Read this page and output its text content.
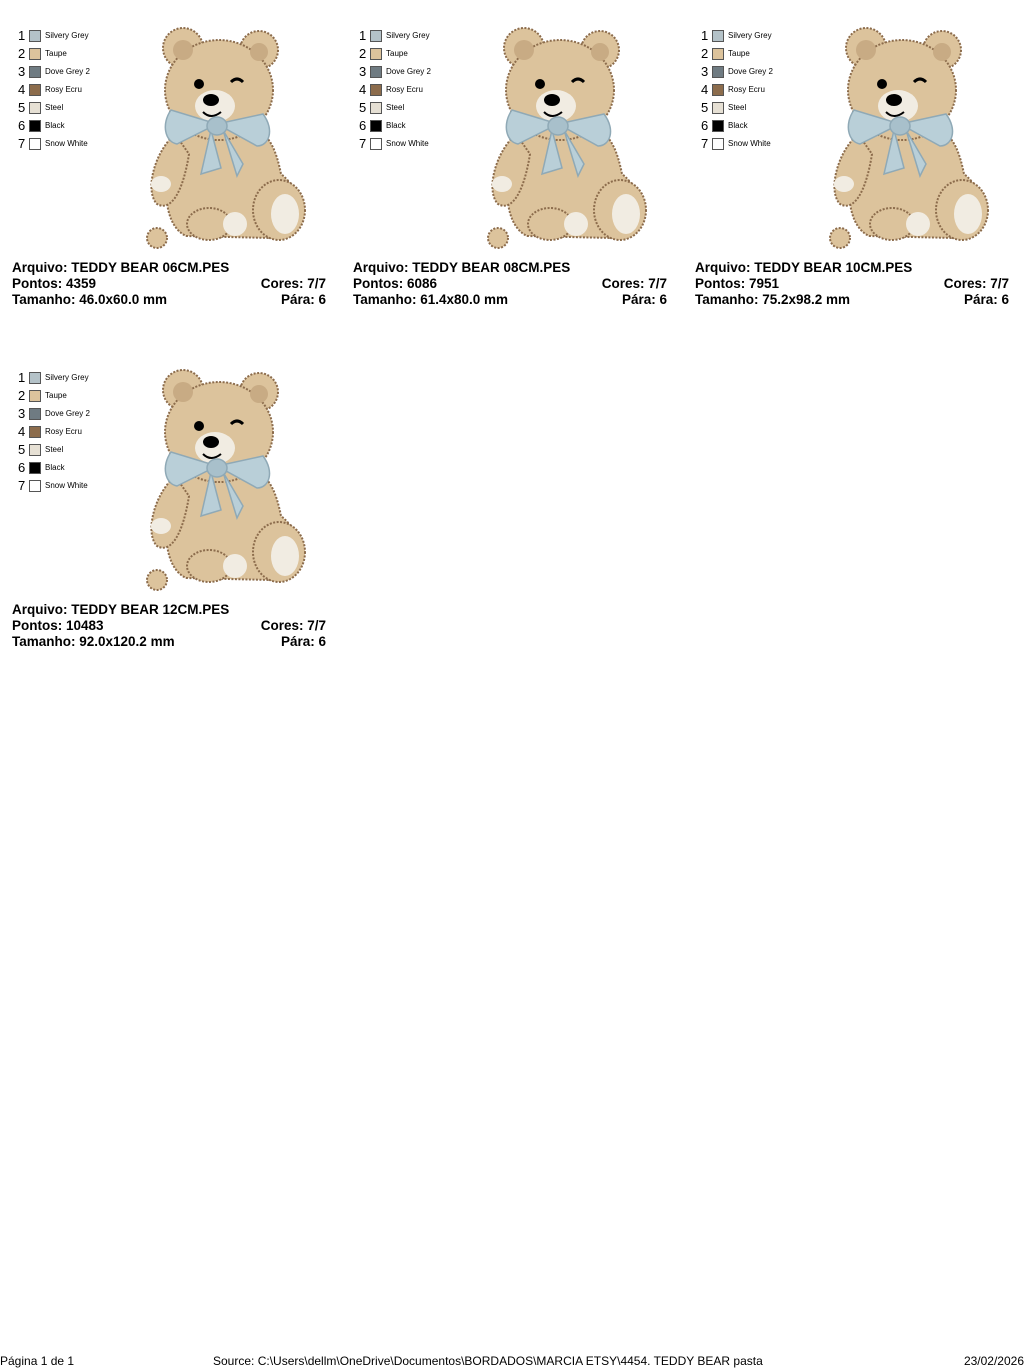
1	Silvery Grey
2	Taupe
3	Dove Grey 2
4	Rosy Ecru
5	Steel
6	Black
7	Snow White
Arquivo: TEDDY BEAR 06CM.PES
Pontos: 4359	Cores: 7/7
Tamanho: 46.0x60.0 mm	Pára: 6
1	Silvery Grey
2	Taupe
3	Dove Grey 2
4	Rosy Ecru
5	Steel
6	Black
7	Snow White
Arquivo: TEDDY BEAR 08CM.PES
Pontos: 6086	Cores: 7/7
Tamanho: 61.4x80.0 mm	Pára: 6
1	Silvery Grey
2	Taupe
3	Dove Grey 2
4	Rosy Ecru
5	Steel
6	Black
7	Snow White
Arquivo: TEDDY BEAR 10CM.PES
Pontos: 7951	Cores: 7/7
Tamanho: 75.2x98.2 mm	Pára: 6
1	Silvery Grey
2	Taupe
3	Dove Grey 2
4	Rosy Ecru
5	Steel
6	Black
7	Snow White
Arquivo: TEDDY BEAR 12CM.PES
Pontos: 10483	Cores: 7/7
Tamanho: 92.0x120.2 mm	Pára: 6
Página 1 de 1	Source: C:\Users\dellm\OneDrive\Documentos\BORDADOS\MARCIA ETSY\4454. TEDDY BEAR pasta	23/02/2026
